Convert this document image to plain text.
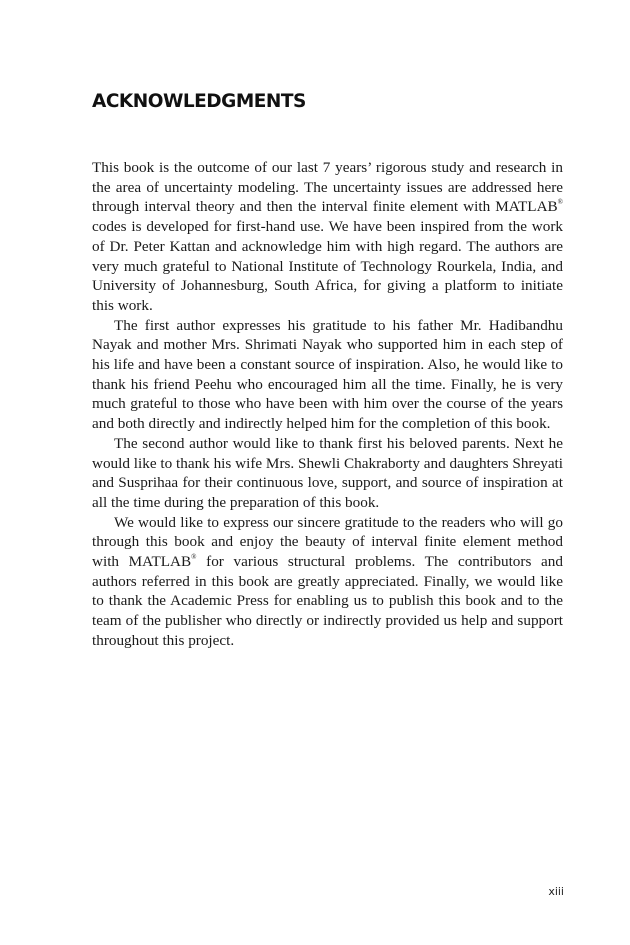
ACKNOWLEDGMENTS

This book is the outcome of our last 7 years’ rigorous study and research in the area of uncertainty modeling. The uncertainty issues are addressed here through interval theory and then the interval finite element with MATLAB® codes is developed for first-hand use. We have been inspired from the work of Dr. Peter Kattan and acknowledge him with high regard. The authors are very much grateful to National Institute of Technology Rourkela, India, and University of Johannesburg, South Africa, for giving a platform to initiate this work.

The first author expresses his gratitude to his father Mr. Hadibandhu Nayak and mother Mrs. Shrimati Nayak who supported him in each step of his life and have been a constant source of inspiration. Also, he would like to thank his friend Peehu who encouraged him all the time. Finally, he is very much grateful to those who have been with him over the course of the years and both directly and indirectly helped him for the completion of this book.

The second author would like to thank first his beloved parents. Next he would like to thank his wife Mrs. Shewli Chakraborty and daughters Shreyati and Susprihaa for their continuous love, support, and source of inspiration at all the time during the preparation of this book.

We would like to express our sincere gratitude to the readers who will go through this book and enjoy the beauty of interval finite element method with MATLAB® for various structural problems. The contributors and authors referred in this book are greatly appreciated. Finally, we would like to thank the Academic Press for enabling us to publish this book and to the team of the publisher who directly or indirectly provided us help and support throughout this project.

xiii
